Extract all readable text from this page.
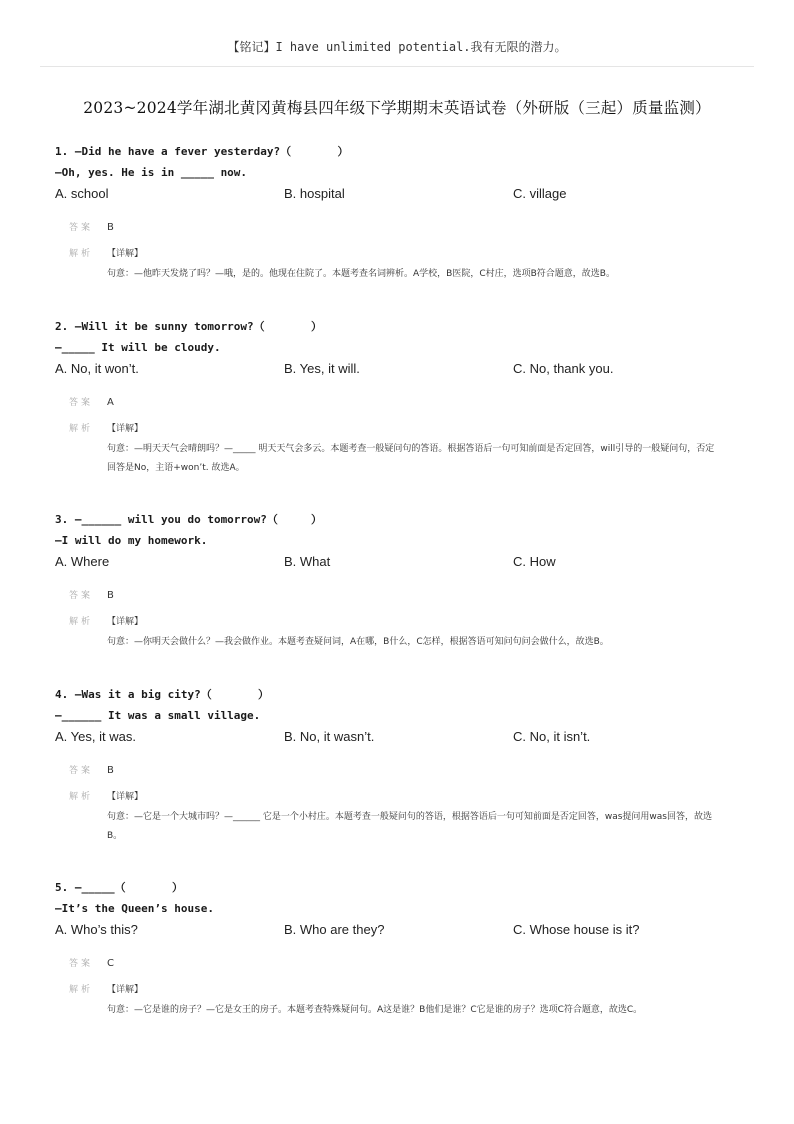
【铭记】I have unlimited potential.我有无限的潜力。
2023~2024学年湖北黄冈黄梅县四年级下学期期末英语试卷（外研版（三起）质量监测）
1. —Did he have a fever yesterday?（       ）
—Oh, yes. He is in _____ now.
A. school	B. hospital	C. village
答案 B
解析 【详解】
句意：—他昨天发烧了吗？—哦，是的。他现在住院了。本题考查名词辨析。A学校，B医院，C村庄，选项B符合题意，故选B。
2. —Will it be sunny tomorrow?（       ）
—_____ It will be cloudy.
A. No, it won’t.	B. Yes, it will.	C. No, thank you.
答案 A
解析 【详解】
句意：—明天天气会晴朗吗？—_____ 明天天气会多云。本题考查一般疑问句的答语。根据答语后一句可知前面是否定回答，will引导的一般疑问句，否定回答是No，主语+won’t. 故选A。
3. —______ will you do tomorrow?（     ）
—I will do my homework.
A. Where	B. What	C. How
答案 B
解析 【详解】
句意：—你明天会做什么？—我会做作业。本题考查疑问词，A在哪，B什么，C怎样，根据答语可知问句问会做什么，故选B。
4. —Was it a big city?（       ）
—______ It was a small village.
A. Yes, it was.	B. No, it wasn’t.	C. No, it isn’t.
答案 B
解析 【详解】
句意：—它是一个大城市吗？—______ 它是一个小村庄。本题考查一般疑问句的答语，根据答语后一句可知前面是否定回答，was提问用was回答，故选B。
5. —_____（       ）
—It’s the Queen’s house.
A. Who’s this?	B. Who are they?	C. Whose house is it?
答案 C
解析 【详解】
句意：—它是谁的房子？—它是女王的房子。本题考查特殊疑问句。A这是谁？B他们是谁？C它是谁的房子？选项C符合题意，故选C。
